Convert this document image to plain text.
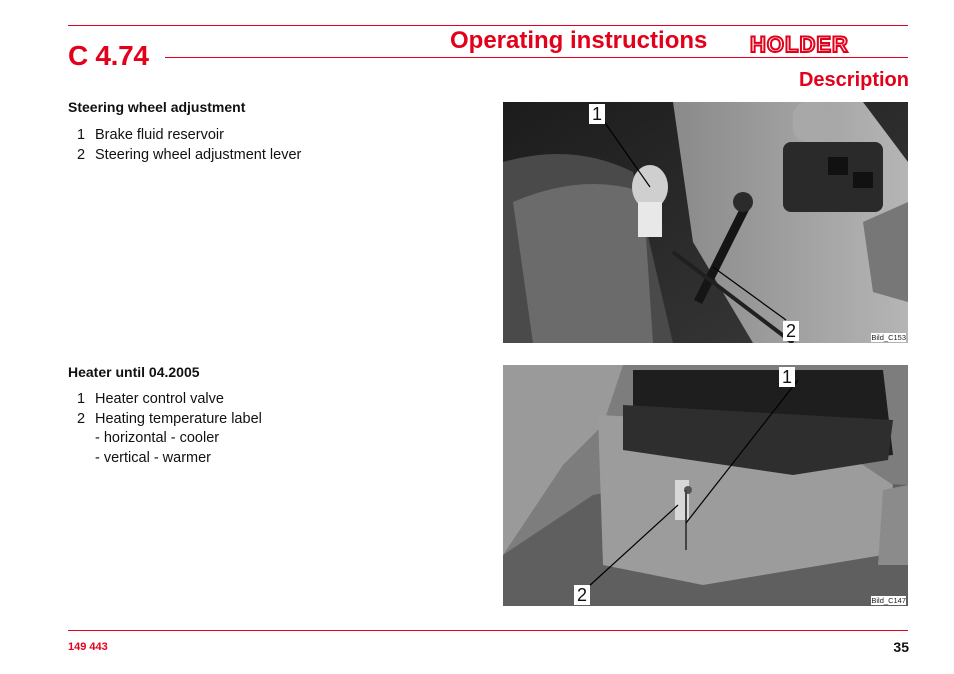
C 4.74	Operating instructions HOLDER
Description
Steering wheel adjustment
1 Brake fluid reservoir
2 Steering wheel adjustment lever
1
2	Bild_C153
Heater until 04.2005
1 Heater control valve
2 Heating temperature label
- horizontal - cooler
- vertical - warmer
1
2	Bild_C147
149 443	35
